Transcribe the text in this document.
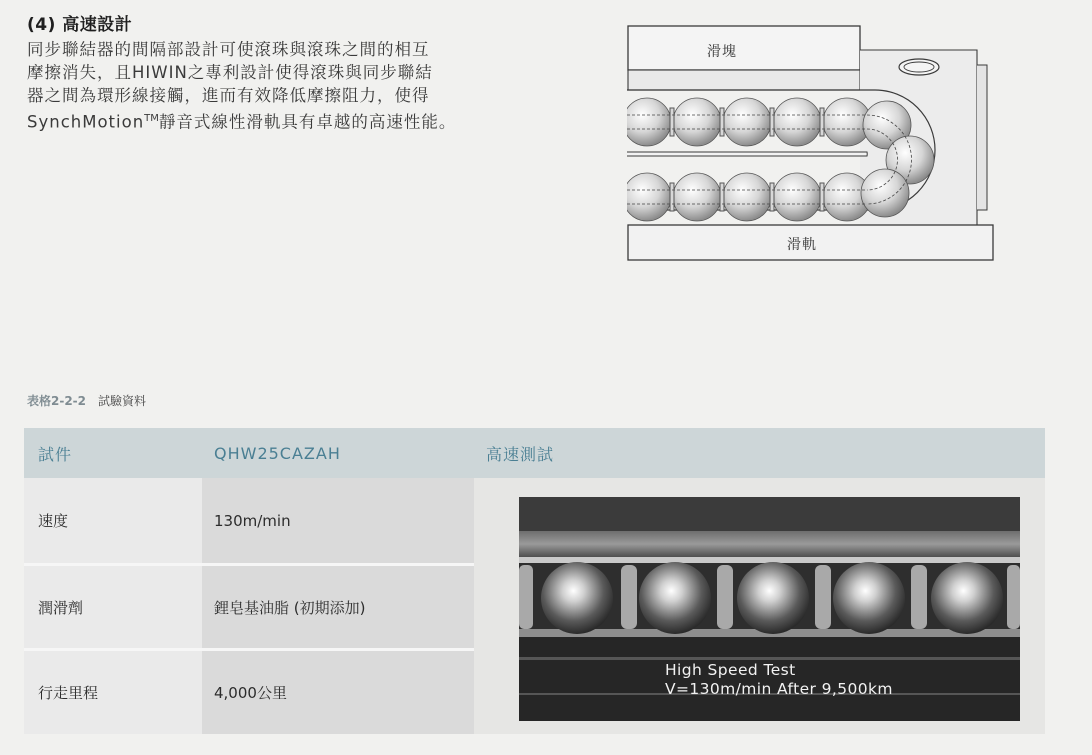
(4) 高速設計

同步聯結器的間隔部設計可使滾珠與滾珠之間的相互

摩擦消失，且HIWIN之專利設計使得滾珠與同步聯結

器之間為環形線接觸，進而有效降低摩擦阻力，使得

SynchMotion™靜音式線性滑軌具有卓越的高速性能。

滑塊
滑軌
表格2-2-2 試驗資料
試件	QHW25CAZAH	高速測試
速度	130m/min
潤滑劑	鋰皂基油脂 (初期添加)
行走里程	4,000公里
High Speed Test
V=130m/min After 9,500km
